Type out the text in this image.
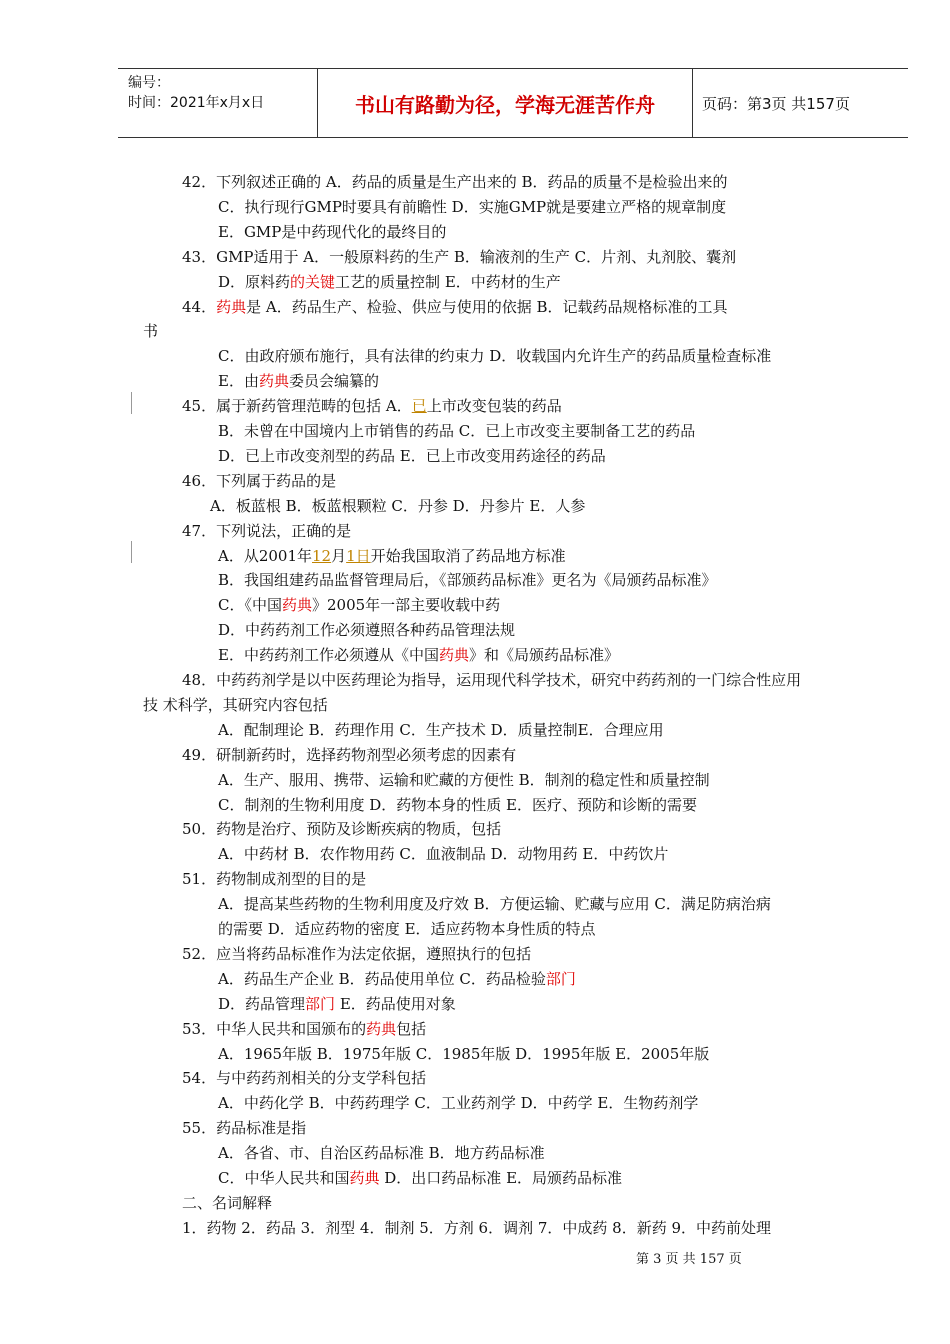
编号：
时间：2021年x月x日	书山有路勤为径，学海无涯苦作舟	页码：第3页 共157页
42．下列叙述正确的 A．药品的质量是生产出来的 B．药品的质量不是检验出来的
C．执行现行GMP时要具有前瞻性 D．实施GMP就是要建立严格的规章制度
E．GMP是中药现代化的最终目的
43．GMP适用于 A．一般原料药的生产 B．输液剂的生产 C．片剂、丸剂胶、囊剂
D．原料药的关键工艺的质量控制 E．中药材的生产
44．药典是 A．药品生产、检验、供应与使用的依据 B．记载药品规格标准的工具
书
C．由政府颁布施行，具有法律的约束力 D．收载国内允许生产的药品质量检查标准
E．由药典委员会编纂的
45．属于新药管理范畴的包括 A．已上市改变包装的药品
B．未曾在中国境内上市销售的药品 C．已上市改变主要制备工艺的药品
D．已上市改变剂型的药品 E．已上市改变用药途径的药品
46．下列属于药品的是
A．板蓝根 B．板蓝根颗粒 C．丹参 D．丹参片 E．人参
47．下列说法，正确的是
A．从2001年12月1日开始我国取消了药品地方标准
B．我国组建药品监督管理局后，《部颁药品标准》更名为《局颁药品标准》
C．《中国药典》2005年一部主要收载中药
D．中药药剂工作必须遵照各种药品管理法规
E．中药药剂工作必须遵从《中国药典》和《局颁药品标准》
48．中药药剂学是以中医药理论为指导，运用现代科学技术，研究中药药剂的一门综合性应用
技 术科学，其研究内容包括
A．配制理论 B．药理作用 C．生产技术 D．质量控制E．合理应用
49．研制新药时，选择药物剂型必须考虑的因素有
A．生产、服用、携带、运输和贮藏的方便性 B．制剂的稳定性和质量控制
C．制剂的生物利用度 D．药物本身的性质 E．医疗、预防和诊断的需要
50．药物是治疗、预防及诊断疾病的物质，包括
A．中药材 B．农作物用药 C．血液制品 D．动物用药 E．中药饮片
51．药物制成剂型的目的是
A．提高某些药物的生物利用度及疗效 B．方便运输、贮藏与应用 C．满足防病治病
的需要 D．适应药物的密度 E．适应药物本身性质的特点
52．应当将药品标准作为法定依据，遵照执行的包括
A．药品生产企业 B．药品使用单位 C．药品检验部门
D．药品管理部门 E．药品使用对象
53．中华人民共和国颁布的药典包括
A．1965年版 B．1975年版 C．1985年版 D．1995年版 E．2005年版
54．与中药药剂相关的分支学科包括
A．中药化学 B．中药药理学 C．工业药剂学 D．中药学 E．生物药剂学
55．药品标准是指
A．各省、市、自治区药品标准 B．地方药品标准
C．中华人民共和国药典 D．出口药品标准 E．局颁药品标准
二、名词解释
1．药物 2．药品 3．剂型 4．制剂 5．方剂 6．调剂 7．中成药 8．新药 9．中药前处理
第 3 页 共 157 页
